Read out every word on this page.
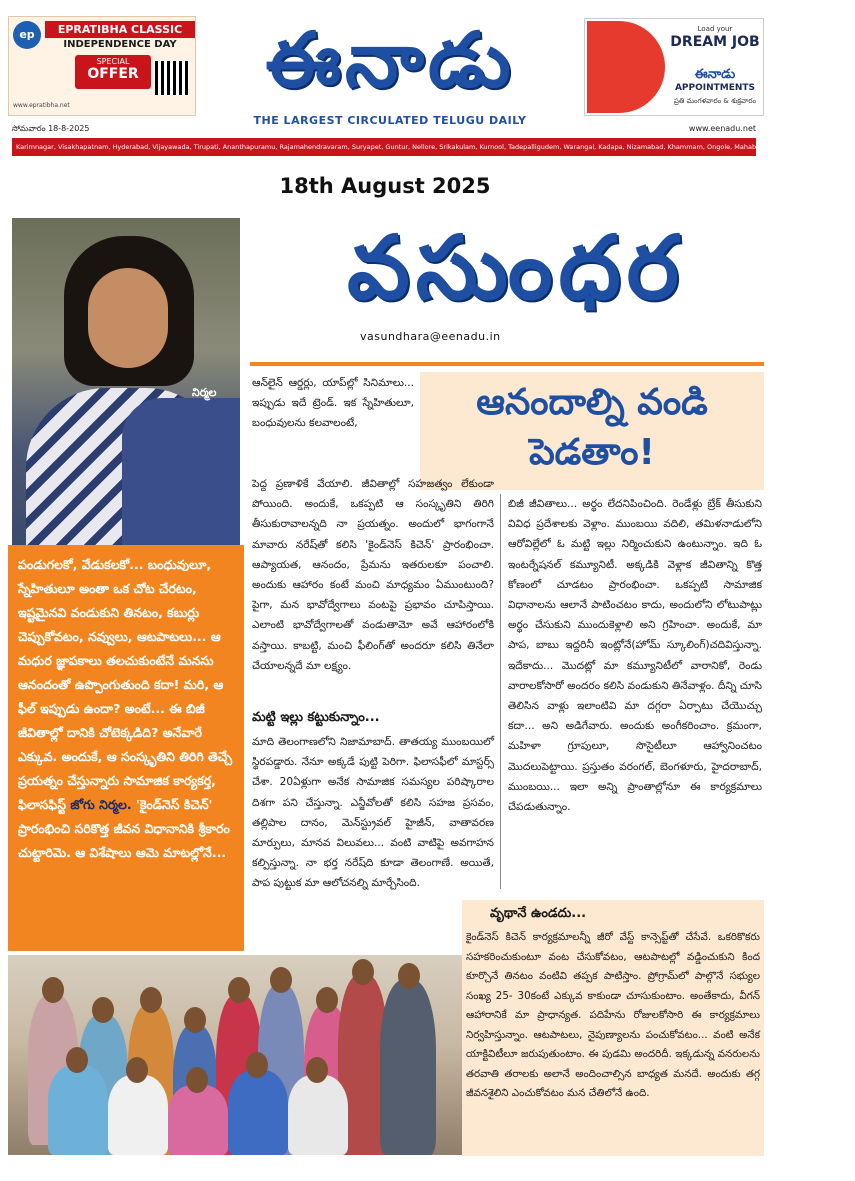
ep	EPRATIBHA CLASSIC
INDEPENDENCE DAY
SPECIAL
OFFER
www.epratibha.net
ఈనాడు
THE LARGEST CIRCULATED TELUGU DAILY
Load your
DREAM JOB
ఈనాడు
APPOINTMENTS
ప్రతి మంగళవారం & శుక్రవారం
సోమవారం 18-8-2025	www.eenadu.net
Karimnagar, Visakhapatnam, Hyderabad, Vijayawada, Tirupati, Ananthapuramu, Rajamahendravaram, Suryapet, Guntur, Nellore, Srikakulam, Kurnool, Tadepalligudem, Warangal, Kadapa, Nizamabad, Khammam, Ongole, Mahaboobnagar, Chennai, Bengaluru
18th August 2025
నిర్మల
పండుగలకో, వేడుకలకో... బంధువులూ, స్నేహితులూ అంతా ఒక చోట చేరటం, ఇష్టమైనవి వండుకుని తినటం, కబుర్లు చెప్పుకోవటం, నవ్వులు, ఆటపాటలు... ఆ మధుర జ్ఞాపకాలు తలచుకుంటేనే మనసు ఆనందంతో ఉప్పొంగుతుంది కదా! మరి, ఆ ఫీల్ ఇప్పుడు ఉందా? అంటే... ఈ బిజీ జీవితాల్లో దానికి చోటెక్కడిది? అనేవారే ఎక్కువ. అందుకే, ఆ సంస్కృతిని తిరిగి తెచ్చే ప్రయత్నం చేస్తున్నారు సామాజిక కార్యకర్త, ఫిలాసఫిస్ట్ జోగు నిర్మల. 'కైండ్‌నెస్ కిచెన్' ప్రారంభించి సరికొత్త జీవన విధానానికి శ్రీకారం చుట్టారిమె. ఆ విశేషాలు ఆమె మాటల్లోనే...
వసుంధర
vasundhara@eenadu.in
ఆనందాల్ని వండి పెడతాం!
ఆన్‌లైన్ ఆర్డర్లు, యాప్‌ల్లో సినిమాలు... ఇప్పుడు ఇదే ట్రెండ్. ఇక స్నేహితులూ, బంధువులను కలవాలంటే,
పెద్ద ప్రణాళికే వేయాలి. జీవితాల్లో సహజత్వం లేకుండా పోయింది. అందుకే, ఒకప్పటి ఆ సంస్కృతిని తిరిగి తీసుకురావాలన్నది నా ప్రయత్నం. అందులో భాగంగానే మావారు నరేష్‌తో కలిసి 'కైండ్‌నెస్ కిచెన్' ప్రారంభించా. ఆప్యాయత, ఆనందం, ప్రేమను ఇతరులకూ పంచాలి. అందుకు ఆహారం కంటే మంచి మాధ్యమం ఏముంటుంది? పైగా, మన భావోద్వేగాలు వంటపై ప్రభావం చూపిస్తాయి. ఎలాంటి భావోద్వేగాలతో వండుతామో అవే ఆహారంలోకి వస్తాయి. కాబట్టి, మంచి ఫీలింగ్‌తో అందరూ కలిసి తినేలా చేయాలన్నదే మా లక్ష్యం.
మట్టి ఇల్లు కట్టుకున్నాం...
మాది తెలంగాణలోని నిజామాబాద్. తాతయ్య ముంబయిలో స్థిరపడ్డారు. నేనూ అక్కడే పుట్టి పెరిగా. ఫిలాసఫీలో మాస్టర్స్ చేశా. 20ఏళ్లుగా అనేక సామాజిక సమస్యల పరిష్కారాల దిశగా పని చేస్తున్నా. ఎన్జీవోలతో కలిసి సహజ ప్రసవం, తల్లిపాల దానం, మెన్‌స్ట్రువల్ హైజీన్, వాతావరణ మార్పులు, మానవ విలువలు... వంటి వాటిపై అవగాహన కల్పిస్తున్నా. నా భర్త నరేష్‌ది కూడా తెలంగాణే. అయితే, పాప పుట్టుక మా ఆలోచనల్ని మార్చేసింది.
బిజీ జీవితాలు... అర్థం లేదనిపించింది. రెండేళ్లు బ్రేక్ తీసుకుని వివిధ ప్రదేశాలకు వెళ్లాం. ముంబయి వదిలి, తమిళనాడులోని ఆరోవిల్లేలో ఓ మట్టి ఇల్లు నిర్మించుకుని ఉంటున్నాం. ఇది ఓ ఇంటర్నేషనల్ కమ్యూనిటీ. అక్కడికి వెళ్లాక జీవితాన్ని కొత్త కోణంలో చూడటం ప్రారంభించా. ఒకప్పటి సామాజిక విధానాలను ఆలానే పాటించటం కాదు, అందులోని లోటుపాట్లు అర్థం చేసుకుని ముందుకెళ్లాలి అని గ్రహించా. అందుకే, మా పాప, బాబు ఇద్దరినీ ఇంట్లోనే(హోమ్ స్కూలింగ్)చదివిస్తున్నా. ఇదేకాదు... మొదట్లో మా కమ్యూనిటీలో వారానికో, రెండు వారాలకోసారో అందరం కలిసి వండుకుని తినేవాళ్లం. దీన్ని చూసి తెలిసిన వాళ్లు ఇలాంటివి మా దగ్గరా ఏర్పాటు చేయొచ్చు కదా... అని అడిగేవారు. అందుకు అంగీకరించాం. క్రమంగా, మహిళా గ్రూపులూ, సొసైటీలూ ఆహ్వానించటం మొదలుపెట్టాయి. ప్రస్తుతం వరంగల్, బెంగళూరు, హైదరాబాద్, ముంబయి... ఇలా అన్ని ప్రాంతాల్లోనూ ఈ కార్యక్రమాలు చేపడుతున్నాం.
వృథానే ఉండదు...
కైండ్‌నెస్ కిచెన్ కార్యక్రమాలన్నీ జీరో వేస్ట్ కాన్సెప్ట్‌తో చేసేవే. ఒకరికొకరు సహకరించుకుంటూ వంట చేసుకోవటం, ఆటపాటల్లో వడ్డించుకుని కింద కూర్చొనే తినటం వంటివి తప్పక పాటిస్తాం. ప్రోగ్రామ్‌లో పాల్గొనే సభ్యుల సంఖ్య 25- 30కంటే ఎక్కువ కాకుండా చూసుకుంటాం. అంతేకాదు, వీగన్ ఆహారానికే మా ప్రాధాన్యత. పదిహేను రోజులకోసారి ఈ కార్యక్రమాలు నిర్వహిస్తున్నాం. ఆటపాటలు, నైపుణ్యాలను పంచుకోవటం... వంటి అనేక యాక్టివిటీలూ జరుపుతుంటాం. ఈ పుడమి అందరిదీ. ఇక్కడున్న వనరులను తరవాతి తరాలకు అలానే అందించాల్సిన బాధ్యత మనదే. అందుకు తగ్గ జీవనశైలిని ఎంచుకోవటం మన చేతిలోనే ఉంది.
